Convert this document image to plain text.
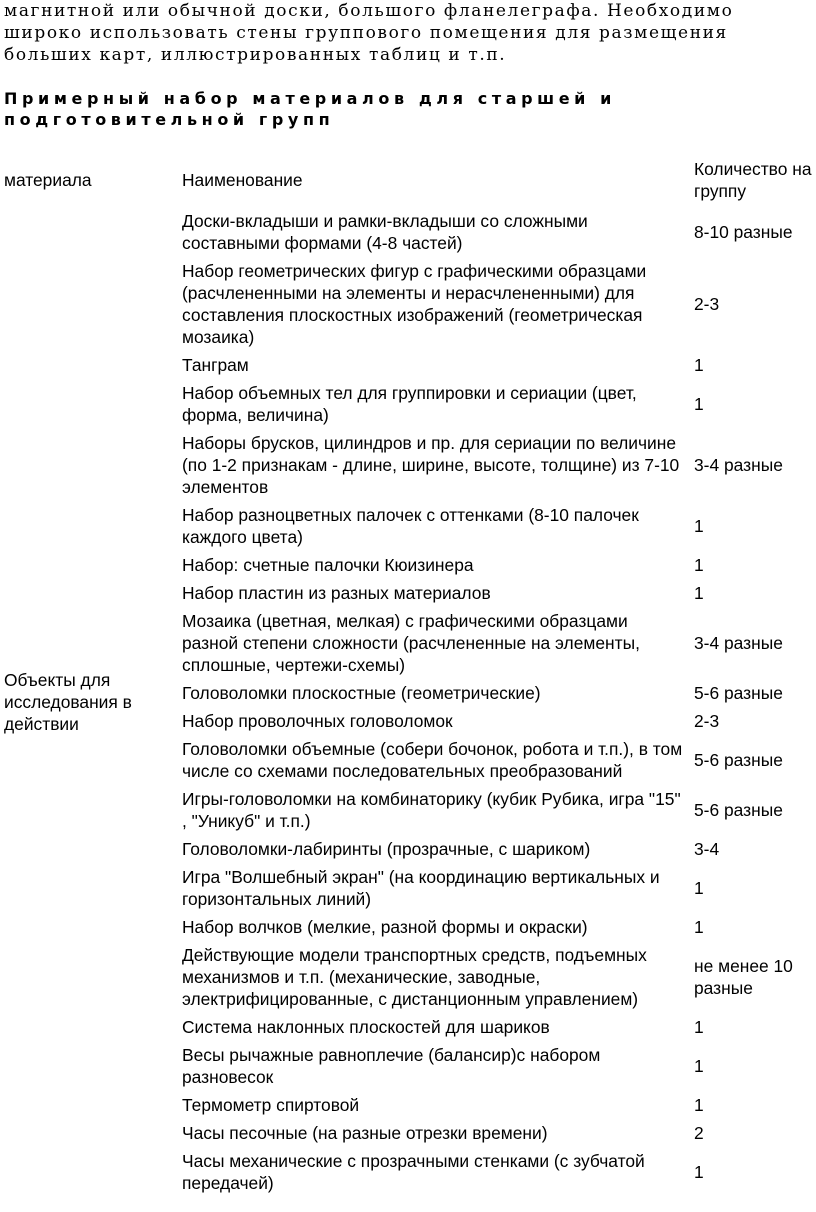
магнитной или обычной доски, большого фланелеграфа. Необходимо широко использовать стены группового помещения для размещения больших карт, иллюстрированных таблиц и т.п.

Примерный набор материалов для старшей и подготовительной групп
материала	Наименование	Количество на группу
Объекты для исследования в действии	Доски-вкладыши и рамки-вкладыши со сложными составными формами (4-8 частей)	8-10 разные
	Набор геометрических фигур с графическими образцами (расчлененными на элементы и нерасчлененными) для составления плоскостных изображений (геометрическая мозаика)	2-3
	Танграм	1
	Набор объемных тел для группировки и сериации (цвет, форма, величина)	1
	Наборы брусков, цилиндров и пр. для сериации по величине (по 1-2 признакам - длине, ширине, высоте, толщине) из 7-10 элементов	3-4 разные
	Набор разноцветных палочек с оттенками (8-10 палочек каждого цвета)	1
	Набор: счетные палочки Кюизинера	1
	Набор пластин из разных материалов	1
	Мозаика (цветная, мелкая) с графическими образцами разной степени сложности (расчлененные на элементы, сплошные, чертежи-схемы)	3-4 разные
	Головоломки плоскостные (геометрические)	5-6 разные
	Набор проволочных головоломок	2-3
	Головоломки объемные (собери бочонок, робота и т.п.), в том числе со схемами последовательных преобразований	5-6 разные
	Игры-головоломки на комбинаторику (кубик Рубика, игра "15" , "Уникуб" и т.п.)	5-6 разные
	Головоломки-лабиринты (прозрачные, с шариком)	3-4
	Игра "Волшебный экран" (на координацию вертикальных и горизонтальных линий)	1
	Набор волчков (мелкие, разной формы и окраски)	1
	Действующие модели транспортных средств, подъемных механизмов и т.п. (механические, заводные, электрифицированные, с дистанционным управлением)	не менее 10 разные
	Система наклонных плоскостей для шариков	1
	Весы рычажные равноплечие (балансир)с набором разновесок	1
	Термометр спиртовой	1
	Часы песочные (на разные отрезки времени)	2
	Часы механические с прозрачными стенками (с зубчатой передачей)	1
